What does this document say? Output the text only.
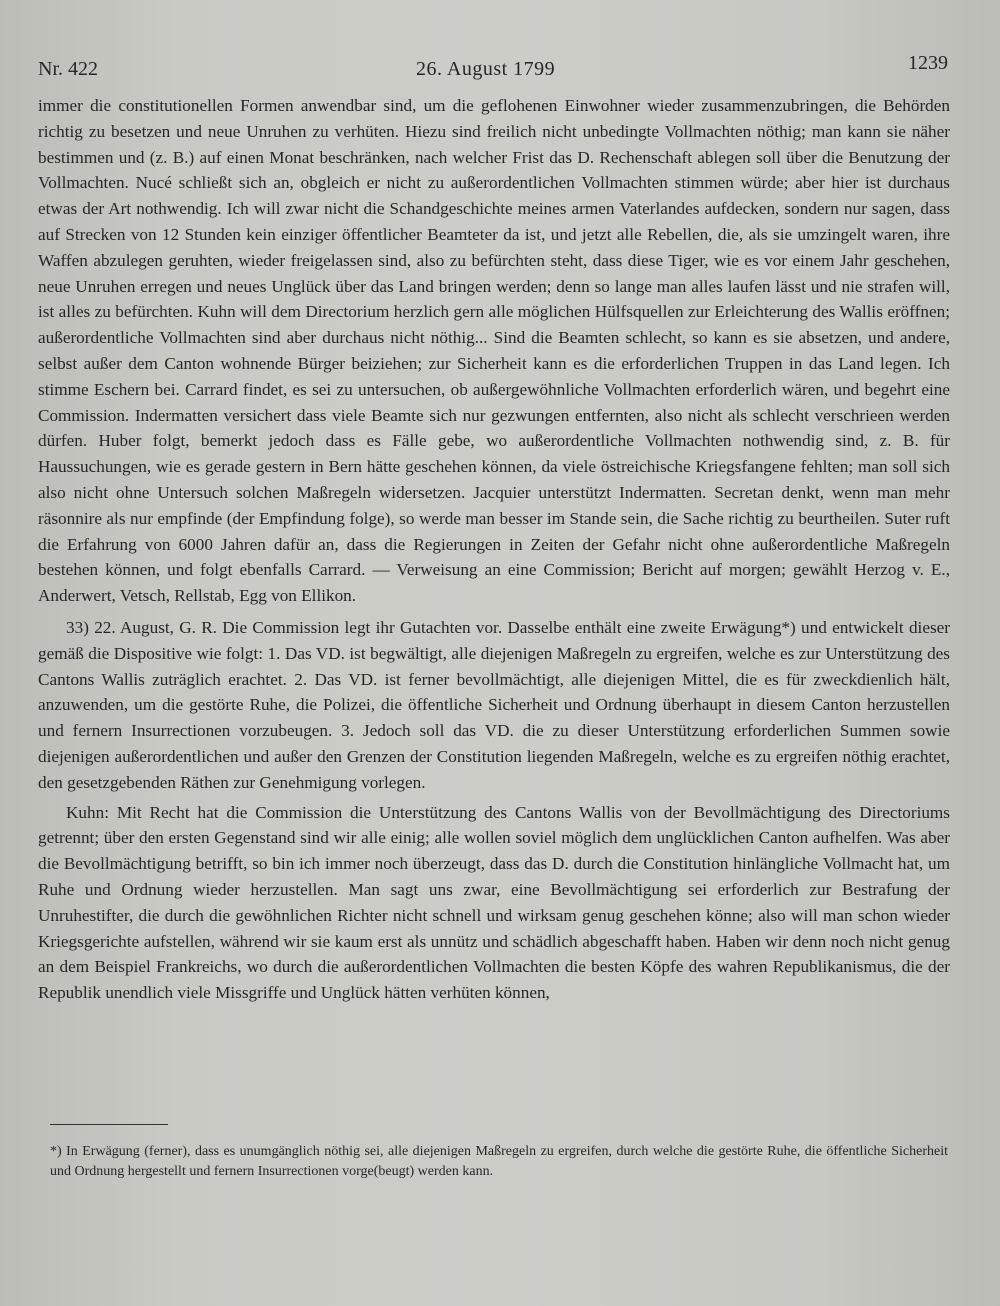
Nr. 422	26. August 1799	1239

immer die constitutionellen Formen anwendbar sind, um die geflohenen Einwohner wieder zusammenzubringen, die Behörden richtig zu besetzen und neue Unruhen zu verhüten. Hiezu sind freilich nicht unbedingte Vollmachten nöthig; man kann sie näher bestimmen und (z. B.) auf einen Monat beschränken, nach welcher Frist das D. Rechenschaft ablegen soll über die Benutzung der Vollmachten. Nucé schließt sich an, obgleich er nicht zu außerordentlichen Vollmachten stimmen würde; aber hier ist durchaus etwas der Art nothwendig. Ich will zwar nicht die Schandgeschichte meines armen Vaterlandes aufdecken, sondern nur sagen, dass auf Strecken von 12 Stunden kein einziger öffentlicher Beamteter da ist, und jetzt alle Rebellen, die, als sie umzingelt waren, ihre Waffen abzulegen geruhten, wieder freigelassen sind, also zu befürchten steht, dass diese Tiger, wie es vor einem Jahr geschehen, neue Unruhen erregen und neues Unglück über das Land bringen werden; denn so lange man alles laufen lässt und nie strafen will, ist alles zu befürchten. Kuhn will dem Directorium herzlich gern alle möglichen Hülfsquellen zur Erleichterung des Wallis eröffnen; außerordentliche Vollmachten sind aber durchaus nicht nöthig... Sind die Beamten schlecht, so kann es sie absetzen, und andere, selbst außer dem Canton wohnende Bürger beiziehen; zur Sicherheit kann es die erforderlichen Truppen in das Land legen. Ich stimme Eschern bei. Carrard findet, es sei zu untersuchen, ob außergewöhnliche Vollmachten erforderlich wären, und begehrt eine Commission. Indermatten versichert dass viele Beamte sich nur gezwungen entfernten, also nicht als schlecht verschrieen werden dürfen. Huber folgt, bemerkt jedoch dass es Fälle gebe, wo außerordentliche Vollmachten nothwendig sind, z. B. für Haussuchungen, wie es gerade gestern in Bern hätte geschehen können, da viele östreichische Kriegsfangene fehlten; man soll sich also nicht ohne Untersuch solchen Maßregeln widersetzen. Jacquier unterstützt Indermatten. Secretan denkt, wenn man mehr räsonnire als nur empfinde (der Empfindung folge), so werde man besser im Stande sein, die Sache richtig zu beurtheilen. Suter ruft die Erfahrung von 6000 Jahren dafür an, dass die Regierungen in Zeiten der Gefahr nicht ohne außerordentliche Maßregeln bestehen können, und folgt ebenfalls Carrard. — Verweisung an eine Commission; Bericht auf morgen; gewählt Herzog v. E., Anderwert, Vetsch, Rellstab, Egg von Ellikon.

33) 22. August, G. R. Die Commission legt ihr Gutachten vor. Dasselbe enthält eine zweite Erwägung*) und entwickelt dieser gemäß die Dispositive wie folgt: 1. Das VD. ist begwältigt, alle diejenigen Maßregeln zu ergreifen, welche es zur Unterstützung des Cantons Wallis zuträglich erachtet. 2. Das VD. ist ferner bevollmächtigt, alle diejenigen Mittel, die es für zweckdienlich hält, anzuwenden, um die gestörte Ruhe, die Polizei, die öffentliche Sicherheit und Ordnung überhaupt in diesem Canton herzustellen und fernern Insurrectionen vorzubeugen. 3. Jedoch soll das VD. die zu dieser Unterstützung erforderlichen Summen sowie diejenigen außerordentlichen und außer den Grenzen der Constitution liegenden Maßregeln, welche es zu ergreifen nöthig erachtet, den gesetzgebenden Räthen zur Genehmigung vorlegen.

Kuhn: Mit Recht hat die Commission die Unterstützung des Cantons Wallis von der Bevollmächtigung des Directoriums getrennt; über den ersten Gegenstand sind wir alle einig; alle wollen soviel möglich dem unglücklichen Canton aufhelfen. Was aber die Bevollmächtigung betrifft, so bin ich immer noch überzeugt, dass das D. durch die Constitution hinlängliche Vollmacht hat, um Ruhe und Ordnung wieder herzustellen. Man sagt uns zwar, eine Bevollmächtigung sei erforderlich zur Bestrafung der Unruhestifter, die durch die gewöhnlichen Richter nicht schnell und wirksam genug geschehen könne; also will man schon wieder Kriegsgerichte aufstellen, während wir sie kaum erst als unnütz und schädlich abgeschafft haben. Haben wir denn noch nicht genug an dem Beispiel Frankreichs, wo durch die außerordentlichen Vollmachten die besten Köpfe des wahren Republikanismus, die der Republik unendlich viele Missgriffe und Unglück hätten verhüten können,

*) In Erwägung (ferner), dass es unumgänglich nöthig sei, alle diejenigen Maßregeln zu ergreifen, durch welche die gestörte Ruhe, die öffentliche Sicherheit und Ordnung hergestellt und fernern Insurrectionen vorge(beugt) werden kann.
